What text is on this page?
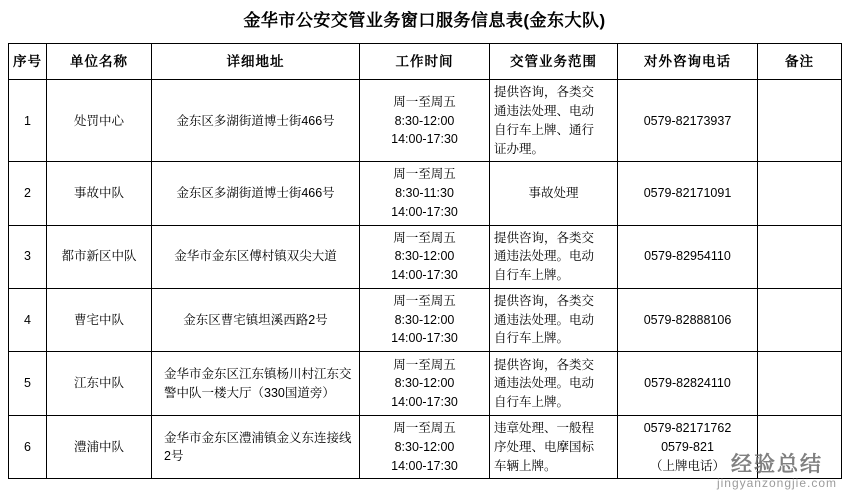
金华市公安交管业务窗口服务信息表(金东大队)
序号	单位名称	详细地址	工作时间	交管业务范围	对外咨询电话	备注
1	处罚中心	金东区多湖街道博士街466号	周一至周五
8:30-12:00
14:00-17:30	提供咨询，各类交
通违法处理、电动
自行车上牌、通行
证办理。	0579-82173937	

2	事故中队	金东区多湖街道博士街466号	周一至周五
8:30-11:30
14:00-17:30	事故处理	0579-82171091	

3	都市新区中队	金华市金东区傅村镇双尖大道	周一至周五
8:30-12:00
14:00-17:30	提供咨询，各类交
通违法处理。电动
自行车上牌。	0579-82954110	

4	曹宅中队	金东区曹宅镇坦溪西路2号	周一至周五
8:30-12:00
14:00-17:30	提供咨询，各类交
通违法处理。电动
自行车上牌。	0579-82888106	

5	江东中队	金华市金东区江东镇杨川村江东交警中队一楼大厅（330国道旁）	周一至周五
8:30-12:00
14:00-17:30	提供咨询，各类交
通违法处理。电动
自行车上牌。	0579-82824110	

6	澧浦中队	金华市金东区澧浦镇金义东连接线2号	周一至周五
8:30-12:00
14:00-17:30	违章处理、一般程
序处理、电摩国标
车辆上牌。	0579-82171762
0579-821
（上牌电话）	
	经验总结
jingyanzongjie.com
